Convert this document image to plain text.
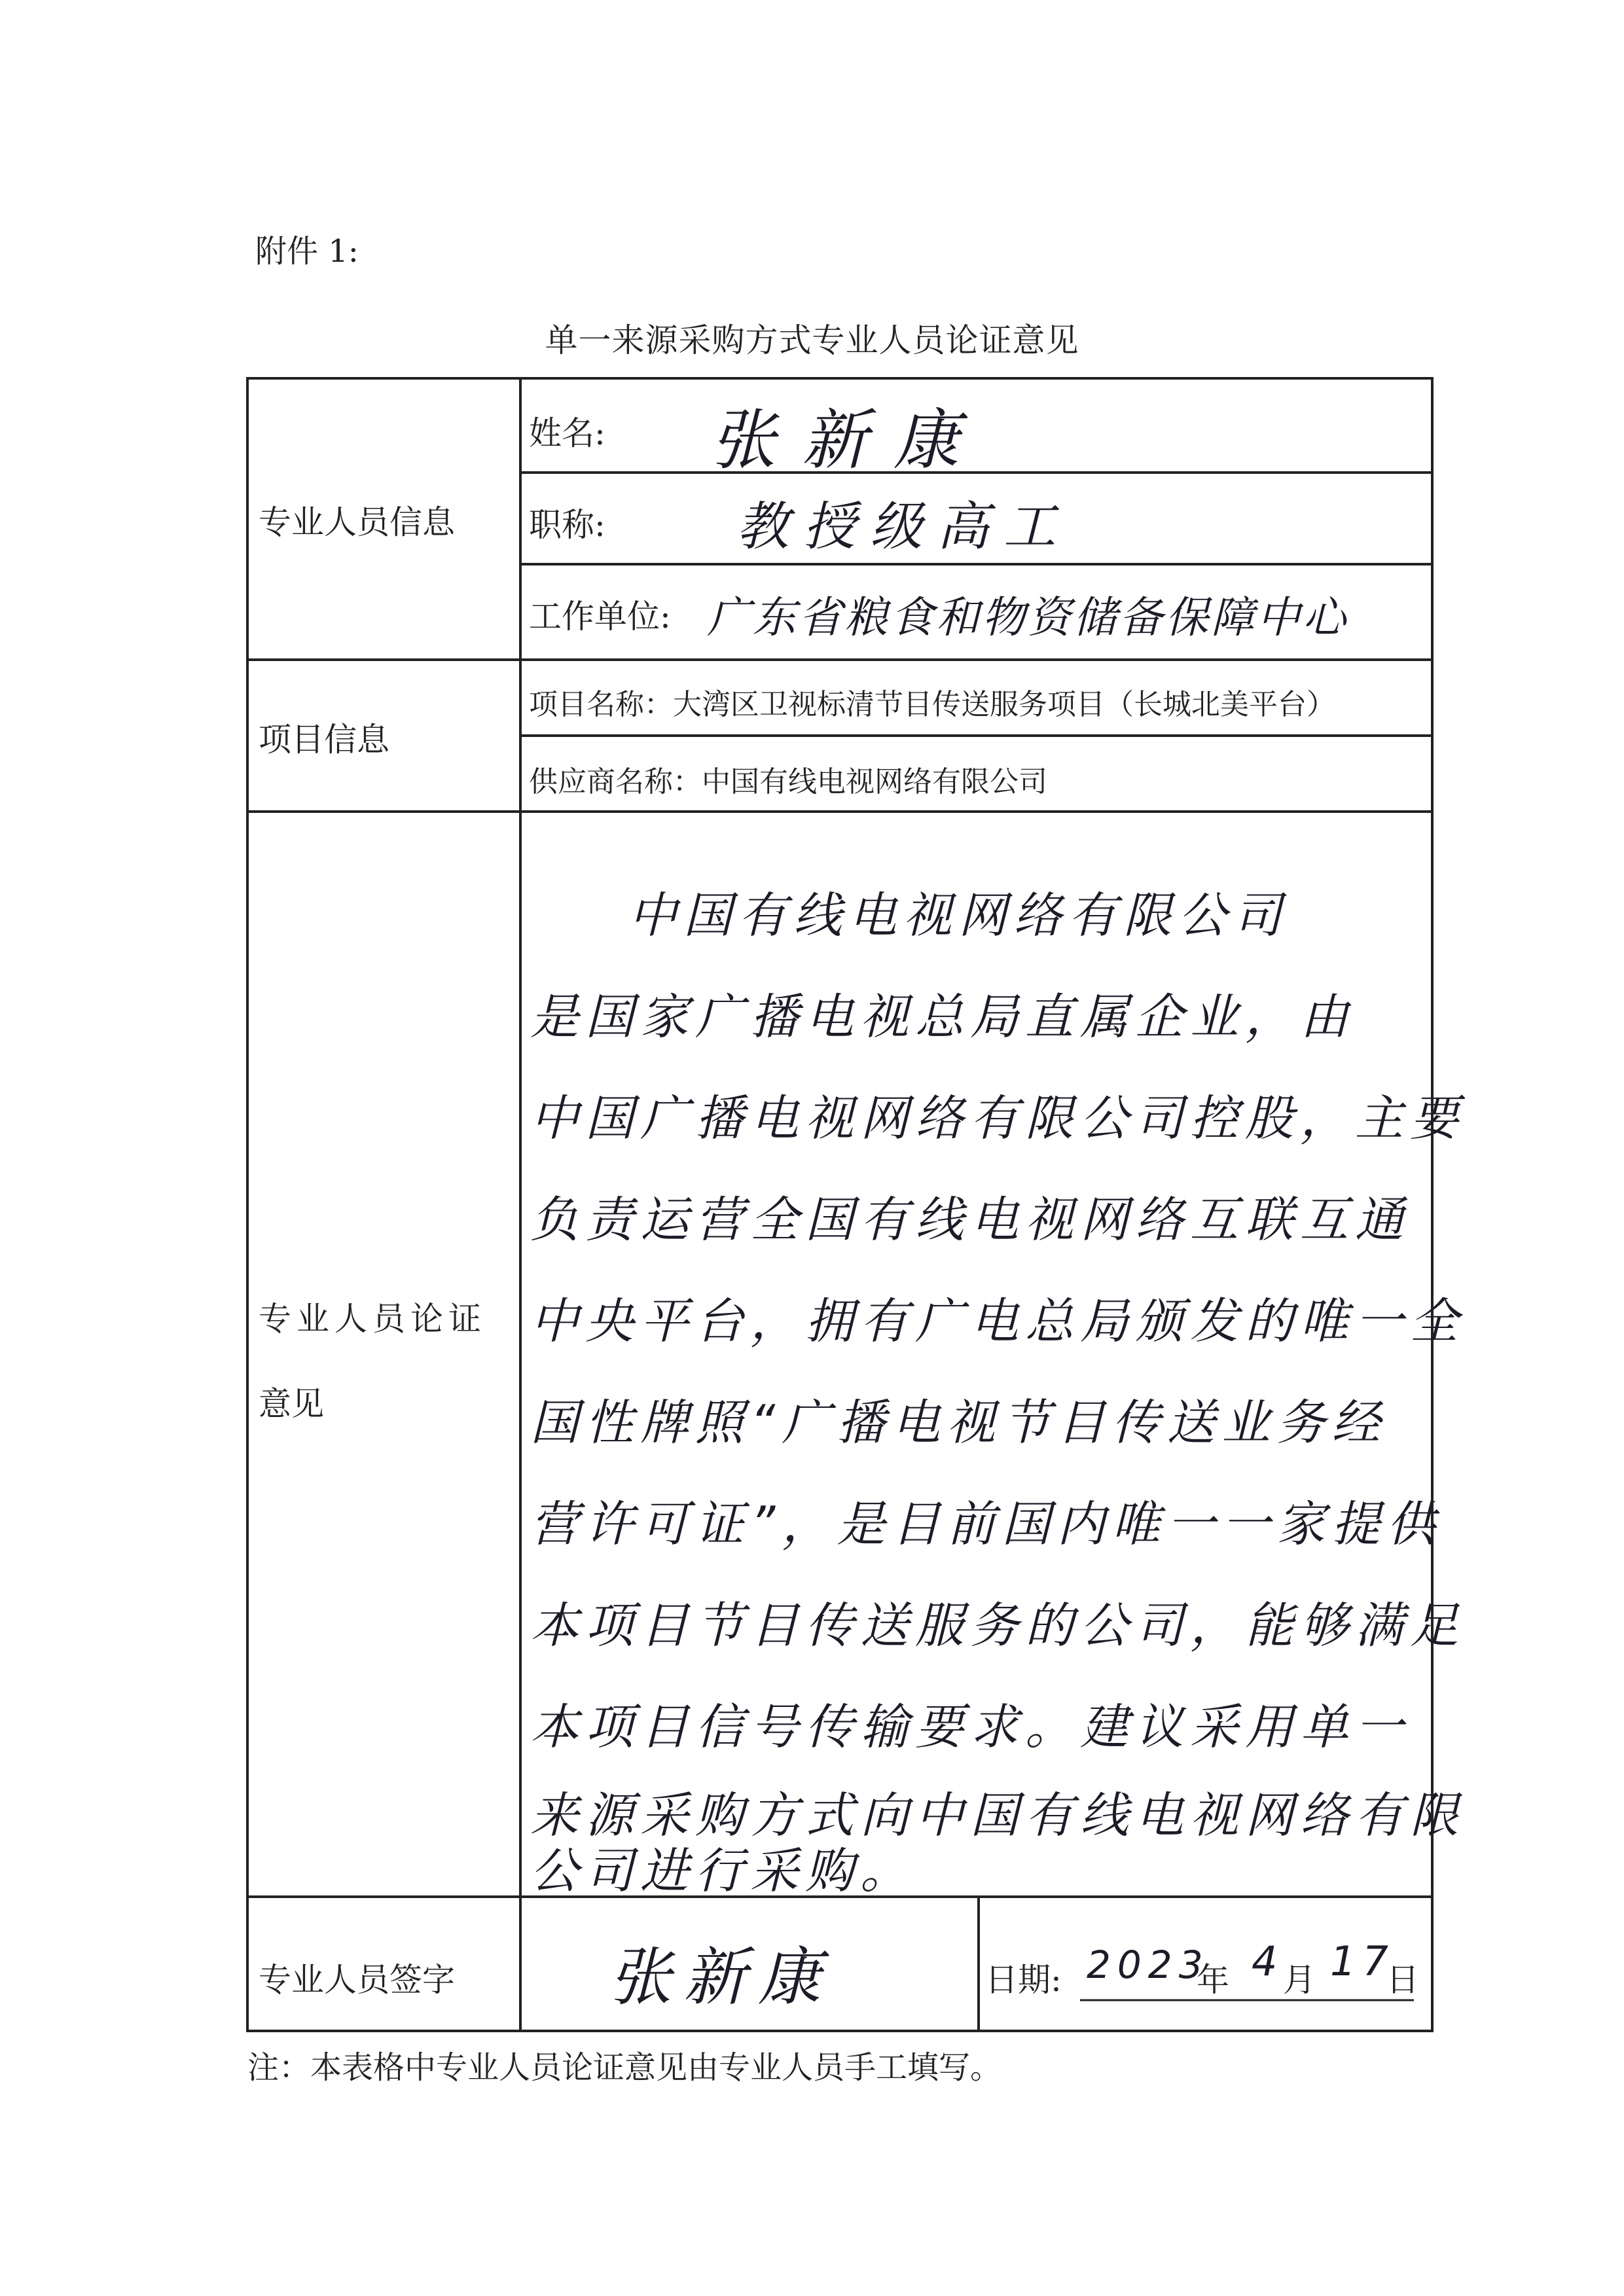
附件 1:
单一来源采购方式专业人员论证意见
专业人员信息
姓名: 张新康
职称:	教授级高工
工作单位: 广东省粮食和物资储备保障中心
项目信息
项目名称：大湾区卫视标清节目传送服务项目（长城北美平台）
供应商名称：中国有线电视网络有限公司
专业人员论证
意见
中国有线电视网络有限公司
是国家广播电视总局直属企业，由
中国广播电视网络有限公司控股，主要
负责运营全国有线电视网络互联互通
中央平台，拥有广电总局颁发的唯一全
国性牌照“广播电视节目传送业务经
营许可证”，是目前国内唯一一家提供
本项目节目传送服务的公司，能够满足
本项目信号传输要求。建议采用单一
来源采购方式向中国有线电视网络有限
公司进行采购。
专业人员签字 张新康	日期: 2023
年 4
月 17
日
注：本表格中专业人员论证意见由专业人员手工填写。
